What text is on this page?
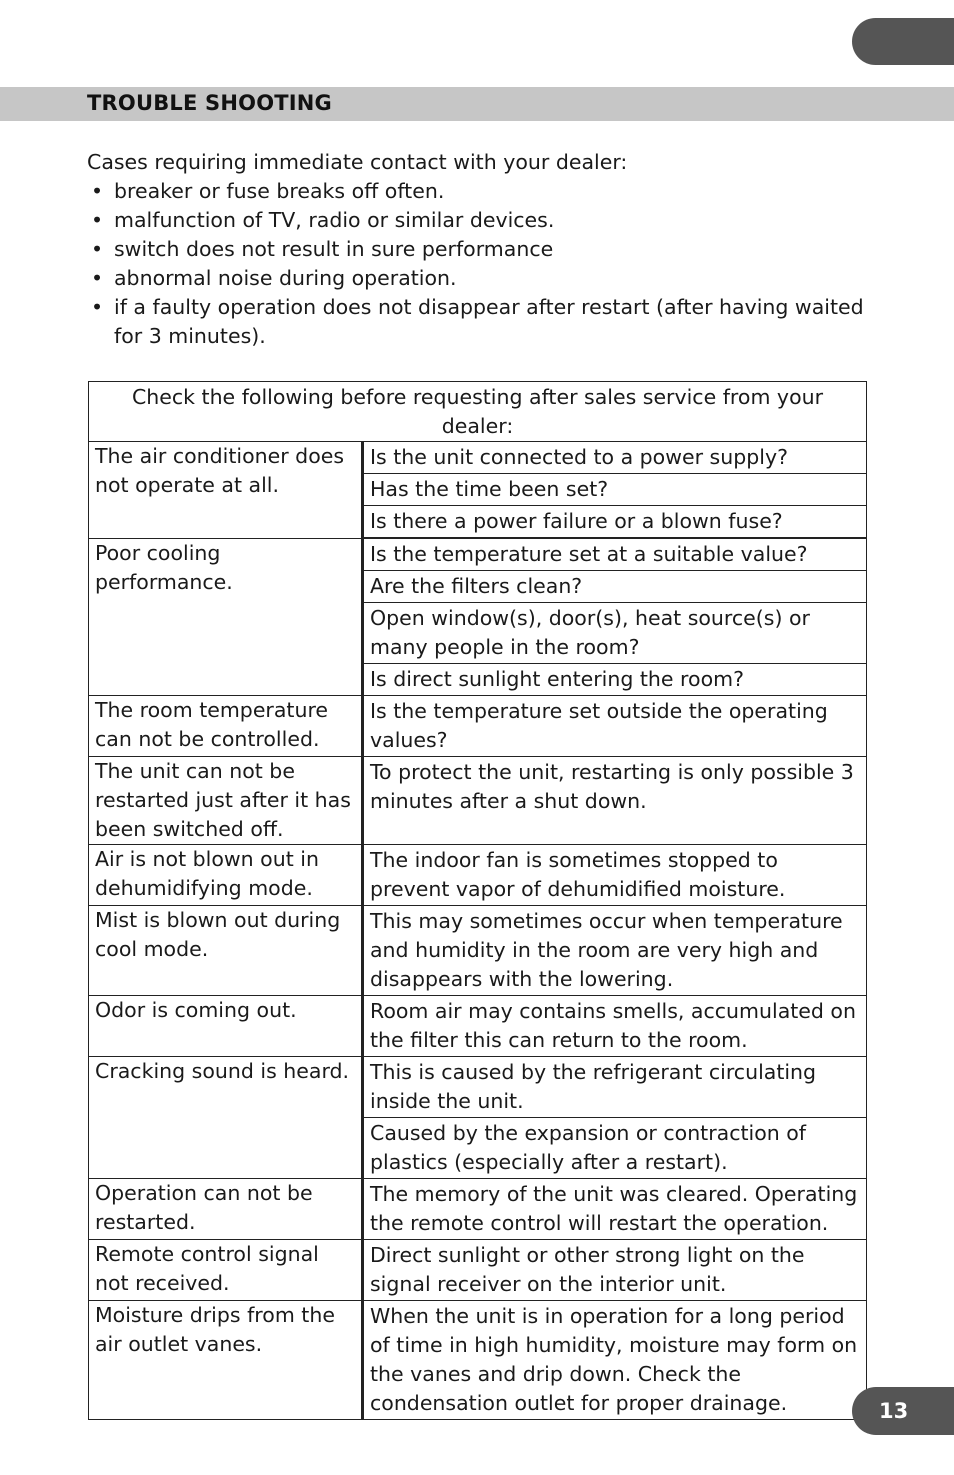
TROUBLE SHOOTING

Cases requiring immediate contact with your dealer:

• breaker or fuse breaks off often.
• malfunction of TV, radio or similar devices.
• switch does not result in sure performance
• abnormal noise during operation.
• if a faulty operation does not disappear after restart (after having waited for 3 minutes).
Check the following before requesting after sales service from your dealer:	
The air conditioner does not operate at all.	Is the unit connected to a power supply?
	Has the time been set?
	Is there a power failure or a blown fuse?
Poor cooling performance.	Is the temperature set at a suitable value?
	Are the filters clean?
	Open window(s), door(s), heat source(s) or many people in the room?
	Is direct sunlight entering the room?
The room temperature can not be controlled.	Is the temperature set outside the operating values?
The unit can not be restarted just after it has been switched off.	To protect the unit, restarting is only possible 3 minutes after a shut down.
Air is not blown out in dehumidifying mode.	The indoor fan is sometimes stopped to prevent vapor of dehumidified moisture.
Mist is blown out during cool mode.	This may sometimes occur when temperature and humidity in the room are very high and disappears with the lowering.
Odor is coming out.	Room air may contains smells, accumulated on the filter this can return to the room.
Cracking sound is heard.	This is caused by the refrigerant circulating inside the unit.
	Caused by the expansion or contraction of plastics (especially after a restart).
Operation can not be restarted.	The memory of the unit was cleared. Operating the remote control will restart the operation.
Remote control signal not received.	Direct sunlight or other strong light on the signal receiver on the interior unit.
Moisture drips from the air outlet vanes.	When the unit is in operation for a long period of time in high humidity, moisture may form on the vanes and drip down. Check the condensation outlet for proper drainage.	13
